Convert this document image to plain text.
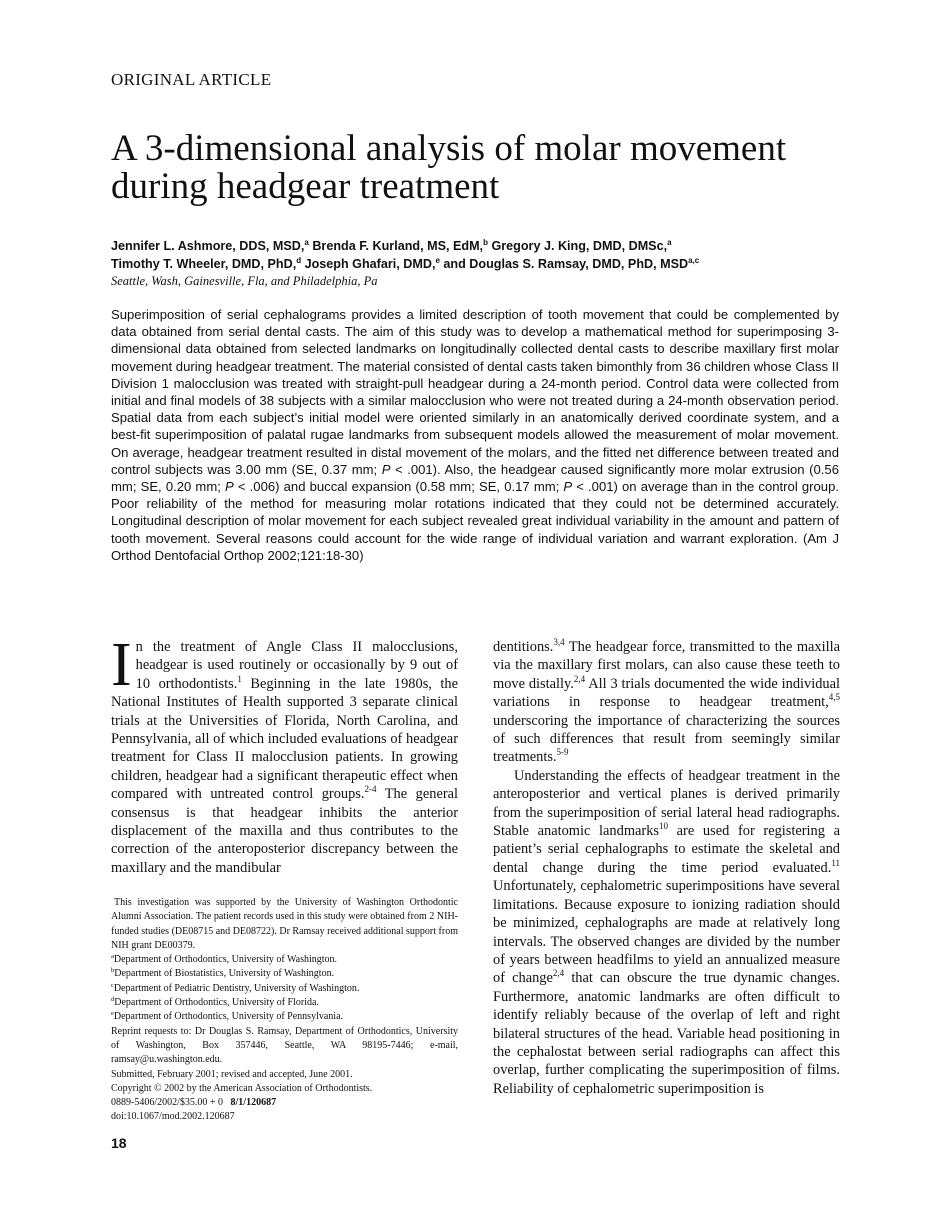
ORIGINAL ARTICLE
A 3-dimensional analysis of molar movement during headgear treatment
Jennifer L. Ashmore, DDS, MSD,$^a$ Brenda F. Kurland, MS, EdM,$^b$ Gregory J. King, DMD, DMSc,$^a$
Timothy T. Wheeler, DMD, PhD,$^d$ Joseph Ghafari, DMD,$^e$ and Douglas S. Ramsay, DMD, PhD, MSD$^{a,c}$
Seattle, Wash, Gainesville, Fla, and Philadelphia, Pa

Superimposition of serial cephalograms provides a limited description of tooth movement that could be complemented by data obtained from serial dental casts. The aim of this study was to develop a mathematical method for superimposing 3-dimensional data obtained from selected landmarks on longitudinally collected dental casts to describe maxillary first molar movement during headgear treatment. The material consisted of dental casts taken bimonthly from 36 children whose Class II Division 1 malocclusion was treated with straight-pull headgear during a 24-month period. Control data were collected from initial and final models of 38 subjects with a similar malocclusion who were not treated during a 24-month observation period. Spatial data from each subject’s initial model were oriented similarly in an anatomically derived coordinate system, and a best-fit superimposition of palatal rugae landmarks from subsequent models allowed the measurement of molar movement. On average, headgear treatment resulted in distal movement of the molars, and the fitted net difference between treated and control subjects was 3.00 mm (SE, 0.37 mm; P < .001). Also, the headgear caused significantly more molar extrusion (0.56 mm; SE, 0.20 mm; P < .006) and buccal expansion (0.58 mm; SE, 0.17 mm; P < .001) on average than in the control group. Poor reliability of the method for measuring molar rotations indicated that they could not be determined accurately. Longitudinal description of molar movement for each subject revealed great individual variability in the amount and pattern of tooth movement. Several reasons could account for the wide range of individual variation and warrant exploration. (Am J Orthod Dentofacial Orthop 2002;121:18-30)

In the treatment of Angle Class II malocclusions, headgear is used routinely or occasionally by 9 out of 10 orthodontists.$^1$ Beginning in the late 1980s, the National Institutes of Health supported 3 separate clinical trials at the Universities of Florida, North Carolina, and Pennsylvania, all of which included evaluations of headgear treatment for Class II malocclusion patients. In growing children, headgear had a significant therapeutic effect when compared with untreated control groups.$^{2-4}$ The general consensus is that headgear inhibits the anterior displacement of the maxilla and thus contributes to the correction of the anteroposterior discrepancy between the maxillary and the mandibular

dentitions.$^{3,4}$ The headgear force, transmitted to the maxilla via the maxillary first molars, can also cause these teeth to move distally.$^{2,4}$ All 3 trials documented the wide individual variations in response to headgear treatment,$^{4,5}$ underscoring the importance of characterizing the sources of such differences that result from seemingly similar treatments.$^{5-9}$

Understanding the effects of headgear treatment in the anteroposterior and vertical planes is derived primarily from the superimposition of serial lateral head radiographs. Stable anatomic landmarks$^{10}$ are used for registering a patient’s serial cephalographs to estimate the skeletal and dental change during the time period evaluated.$^{11}$ Unfortunately, cephalometric superimpositions have several limitations. Because exposure to ionizing radiation should be minimized, cephalographs are made at relatively long intervals. The observed changes are divided by the number of years between headfilms to yield an annualized measure of change$^{2,4}$ that can obscure the true dynamic changes. Furthermore, anatomic landmarks are often difficult to identify reliably because of the overlap of left and right bilateral structures of the head. Variable head positioning in the cephalostat between serial radiographs can affect this overlap, further complicating the superimposition of films. Reliability of cephalometric superimposition is

This investigation was supported by the University of Washington Orthodontic Alumni Association. The patient records used in this study were obtained from 2 NIH-funded studies (DE08715 and DE08722). Dr Ramsay received additional support from NIH grant DE00379.
$^a$Department of Orthodontics, University of Washington.
$^b$Department of Biostatistics, University of Washington.
$^c$Department of Pediatric Dentistry, University of Washington.
$^d$Department of Orthodontics, University of Florida.
$^e$Department of Orthodontics, University of Pennsylvania.
Reprint requests to: Dr Douglas S. Ramsay, Department of Orthodontics, University of Washington, Box 357446, Seattle, WA 98195-7446; e-mail, ramsay@u.washington.edu.
Submitted, February 2001; revised and accepted, June 2001.
Copyright © 2002 by the American Association of Orthodontists.
0889-5406/2002/$35.00 + 0 8/1/120687
doi:10.1067/mod.2002.120687
18
